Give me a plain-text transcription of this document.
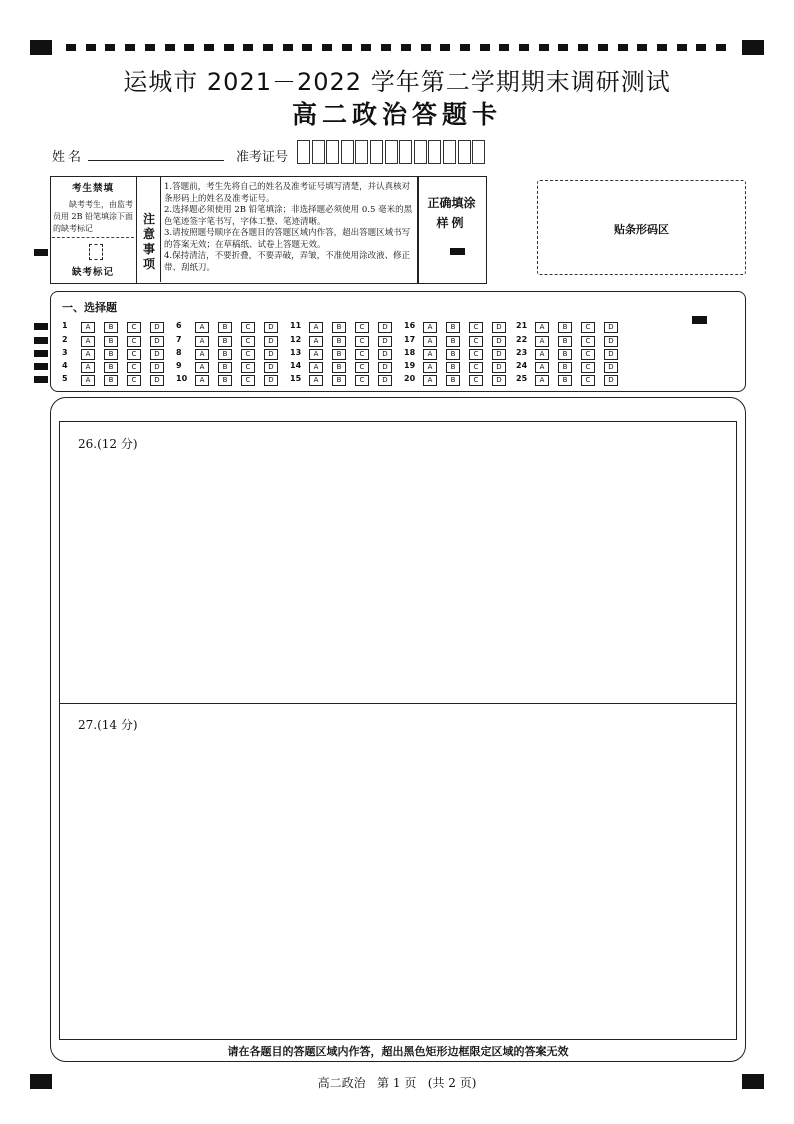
运城市 2021－2022 学年第二学期期末调研测试
高二政治答题卡
姓名	准考证号
考生禁填
缺考考生，由监考员用 2B 铅笔填涂下面的缺考标记
缺考标记
注意事项
1.答题前，考生先将自己的姓名及准考证号填写清楚，并认真核对条形码上的姓名及准考证号。
2.选择题必须使用 2B 铅笔填涂；非选择题必须使用 0.5 毫米的黑色笔迹签字笔书写，字体工整、笔迹清晰。
3.请按照题号顺序在各题目的答题区域内作答，超出答题区域书写的答案无效；在草稿纸、试卷上答题无效。
4.保持清洁，不要折叠，不要弄破，弄皱，不准使用涂改液、修正带、刮纸刀。
正确填涂
样例	贴条形码区
一、选择题
1	A	B	C	D
2	A	B	C	D
3	A	B	C	D
4	A	B	C	D
5	A	B	C	D
6	A	B	C	D
7	A	B	C	D
8	A	B	C	D
9	A	B	C	D
10	A	B	C	D
11	A	B	C	D
12	A	B	C	D
13	A	B	C	D
14	A	B	C	D
15	A	B	C	D
16	A	B	C	D
17	A	B	C	D
18	A	B	C	D
19	A	B	C	D
20	A	B	C	D
21	A	B	C	D
22	A	B	C	D
23	A	B	C	D
24	A	B	C	D
25	A	B	C	D
26.(12 分)
27.(14 分)
请在各题目的答题区域内作答，超出黑色矩形边框限定区域的答案无效
高二政治   第 1 页   (共 2 页)
